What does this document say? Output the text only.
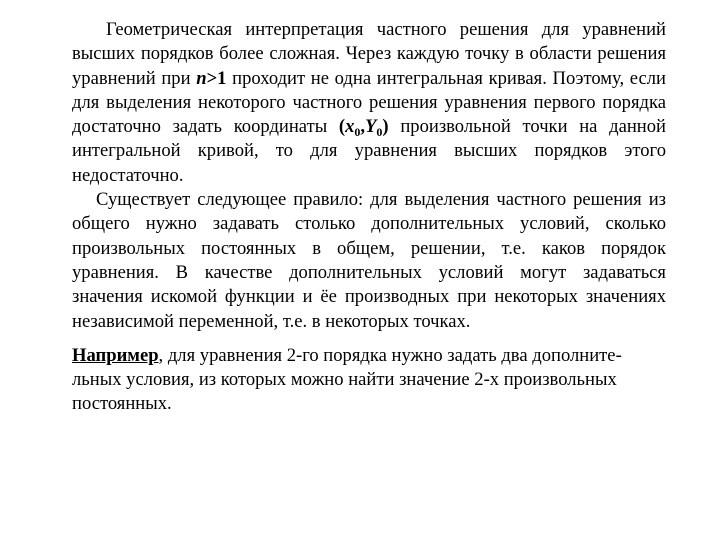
Геометрическая интерпретация частного решения для уравнений высших порядков более сложная. Через каждую точку в области решения уравнений при n>1 проходит не одна интегральная кривая. Поэтому, если для выделения некоторого частного решения уравнения первого порядка достаточно задать координаты $(x_0,Y_0)$ произвольной точки на данной интегральной кривой, то для уравнения высших порядков этого недостаточно.

Существует следующее правило: для выделения частного решения из общего нужно задавать столько дополнительных условий, сколько произвольных постоянных в общем, решении, т.е. каков порядок уравнения. В качестве дополнительных условий могут задаваться значения искомой функции и ёе производных при некоторых значениях независимой переменной, т.е. в некоторых точках.

Например, для уравнения 2-го порядка нужно задать два дополните-
льных условия, из которых можно найти значение 2-х произвольных
постоянных.
